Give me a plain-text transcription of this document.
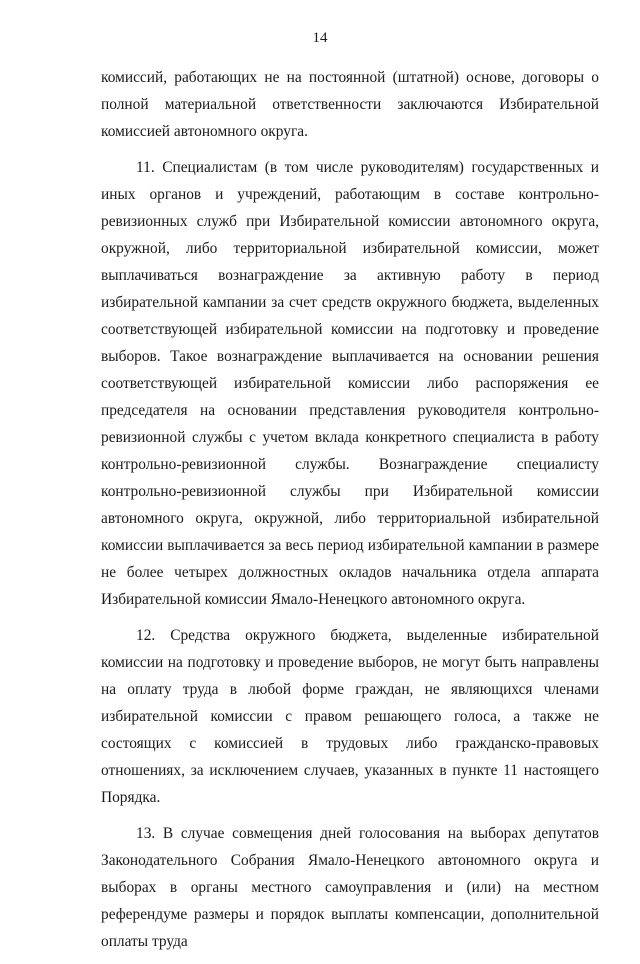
14

комиссий, работающих не на постоянной (штатной) основе, договоры о полной материальной ответственности заключаются Избирательной комиссией автономного округа.

11. Специалистам (в том числе руководителям) государственных и иных органов и учреждений, работающим в составе контрольно-ревизионных служб при Избирательной комиссии автономного округа, окружной, либо территориальной избирательной комиссии, может выплачиваться вознаграждение за активную работу в период избирательной кампании за счет средств окружного бюджета, выделенных соответствующей избирательной комиссии на подготовку и проведение выборов. Такое вознаграждение выплачивается на основании решения соответствующей избирательной комиссии либо распоряжения ее председателя на основании представления руководителя контрольно-ревизионной службы с учетом вклада конкретного специалиста в работу контрольно-ревизионной службы. Вознаграждение специалисту контрольно-ревизионной службы при Избирательной комиссии автономного округа, окружной, либо территориальной избирательной комиссии выплачивается за весь период избирательной кампании в размере не более четырех должностных окладов начальника отдела аппарата Избирательной комиссии Ямало-Ненецкого автономного округа.

12. Средства окружного бюджета, выделенные избирательной комиссии на подготовку и проведение выборов, не могут быть направлены на оплату труда в любой форме граждан, не являющихся членами избирательной комиссии с правом решающего голоса, а также не состоящих с комиссией в трудовых либо гражданско-правовых отношениях, за исключением случаев, указанных в пункте 11 настоящего Порядка.

13. В случае совмещения дней голосования на выборах депутатов Законодательного Собрания Ямало-Ненецкого автономного округа и выборах в органы местного самоуправления и (или) на местном референдуме размеры и порядок выплаты компенсации, дополнительной оплаты труда
